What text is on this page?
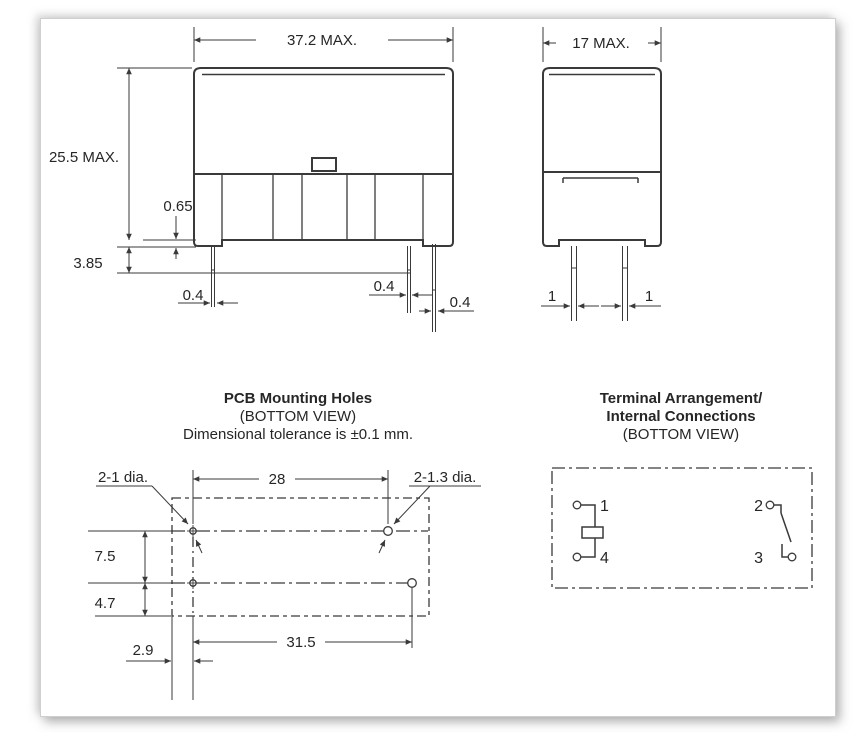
37.2 MAX.
25.5 MAX.
0.65
3.85
0.4
0.4
0.4
17 MAX.
1	1
PCB Mounting Holes
(BOTTOM VIEW)
Dimensional tolerance is ±0.1 mm.
2-1 dia.	2-1.3 dia.
28
7.5
4.7
31.5
2.9
Terminal Arrangement/
Internal Connections
(BOTTOM VIEW)
1
4
2
3
